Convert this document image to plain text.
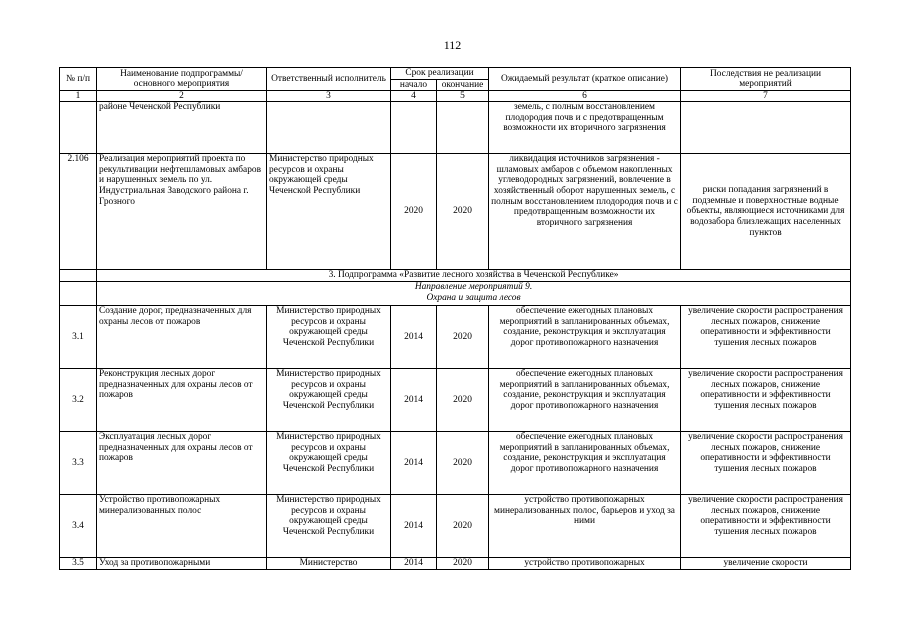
112
№ п/п	Наименование подпрограммы/ основного мероприятия	Ответственный исполнитель	Срок реализации		Ожидаемый результат (краткое описание)	Последствия не реализации мероприятий
			начало	окончание		
1	2	3	4	5	6	7
	районе Чеченской Республики				земель, с полным восстановлением плодородия почв и с предотвращенным возможности их вторичного загрязнения	
2.106	Реализация мероприятий проекта по рекультивации нефтешламовых амбаров и нарушенных земель по ул. Индустриальная Заводского района г. Грозного	Министерство природных ресурсов и охраны окружающей среды Чеченской Республики	2020	2020	ликвидация источников загрязнения - шламовых амбаров с объемом накопленных углеводородных загрязнений, вовлечение в хозяйственный оборот нарушенных земель, с полным восстановлением плодородия почв и с предотвращенным возможности их вторичного загрязнения	риски попадания загрязнений в подземные и поверхностные водные объекты, являющиеся источниками для водозабора близлежащих населенных пунктов
	3. Подпрограмма «Развитие лесного хозяйства в Чеченской Республике»					

	Направление мероприятий 9.
Охрана и защита лесов					

3.1	Создание дорог, предназначенных для охраны лесов от пожаров	Министерство природных ресурсов и охраны окружающей среды Чеченской Республики	2014	2020	обеспечение ежегодных плановых мероприятий в запланированных объемах, создание, реконструкция и эксплуатация дорог противопожарного назначения	увеличение скорости распространения лесных пожаров, снижение оперативности и эффективности тушения лесных пожаров
3.2	Реконструкция лесных дорог предназначенных для охраны лесов от пожаров	Министерство природных ресурсов и охраны окружающей среды Чеченской Республики	2014	2020	обеспечение ежегодных плановых мероприятий в запланированных объемах, создание, реконструкция и эксплуатация дорог противопожарного назначения	увеличение скорости распространения лесных пожаров, снижение оперативности и эффективности тушения лесных пожаров
3.3	Эксплуатация лесных дорог предназначенных для охраны лесов от пожаров	Министерство природных ресурсов и охраны окружающей среды Чеченской Республики	2014	2020	обеспечение ежегодных плановых мероприятий в запланированных объемах, создание, реконструкция и эксплуатация дорог противопожарного назначения	увеличение скорости распространения лесных пожаров, снижение оперативности и эффективности тушения лесных пожаров
3.4	Устройство противопожарных минерализованных полос	Министерство природных ресурсов и охраны окружающей среды Чеченской Республики	2014	2020	устройство противопожарных минерализованных полос, барьеров и уход за ними	увеличение скорости распространения лесных пожаров, снижение оперативности и эффективности тушения лесных пожаров
3.5	Уход за противопожарными	Министерство	2014	2020	устройство противопожарных	увеличение скорости
